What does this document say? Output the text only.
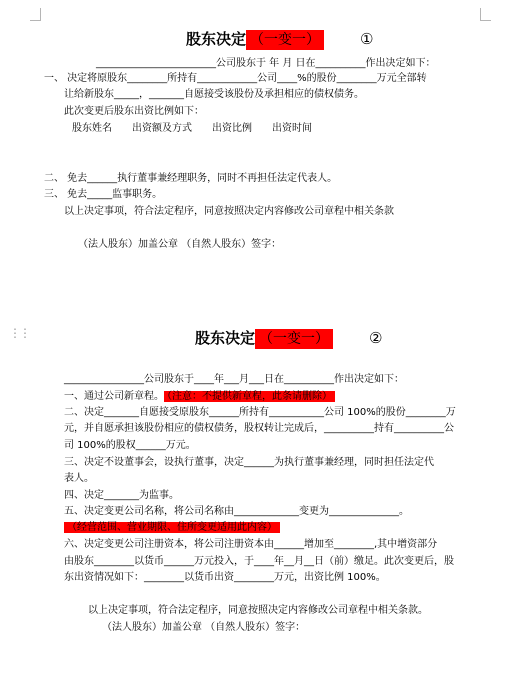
股东决定 （一变一）	①
________________________公司股东于 年 月 日在__________作出决定如下：
一、 决定将原股东________所持有____________公司____%的股份________万元全部转
让给新股东_____，_______自愿接受该股份及承担相应的债权债务。
此次变更后股东出资比例如下：
股东姓名 出资额及方式 出资比例 出资时间
二、 免去______执行董事兼经理职务，同时不再担任法定代表人。
三、 免去_____监事职务。
以上决定事项，符合法定程序，同意按照决定内容修改公司章程中相关条款
（法人股东）加盖公章 （自然人股东）签字：
⋮⋮	股东决定 （一变一）	②
________________公司股东于____年___月___日在__________作出决定如下：
一、通过公司新章程。 （注意：不提供新章程，此条请删除）
二、决定_______自愿接受原股东______所持有___________公司 100%的股份________万
元，并自愿承担该股份相应的债权债务，股权转让完成后，__________持有__________公
司 100%的股权______万元。
三、决定不设董事会，设执行董事，决定______为执行董事兼经理，同时担任法定代
表人。
四、决定_______为监事。
五、决定变更公司名称，将公司名称由_____________变更为______________。
（经营范围、营业期限、住所变更适用此内容）
六、决定变更公司注册资本，将公司注册资本由______增加至________,其中增资部分
由股东________以货币______万元投入，于____年__月__日（前）缴足。此次变更后，股
东出资情况如下：________以货币出资________万元，出资比例 100%。
以上决定事项，符合法定程序，同意按照决定内容修改公司章程中相关条款。
（法人股东）加盖公章 （自然人股东）签字：
